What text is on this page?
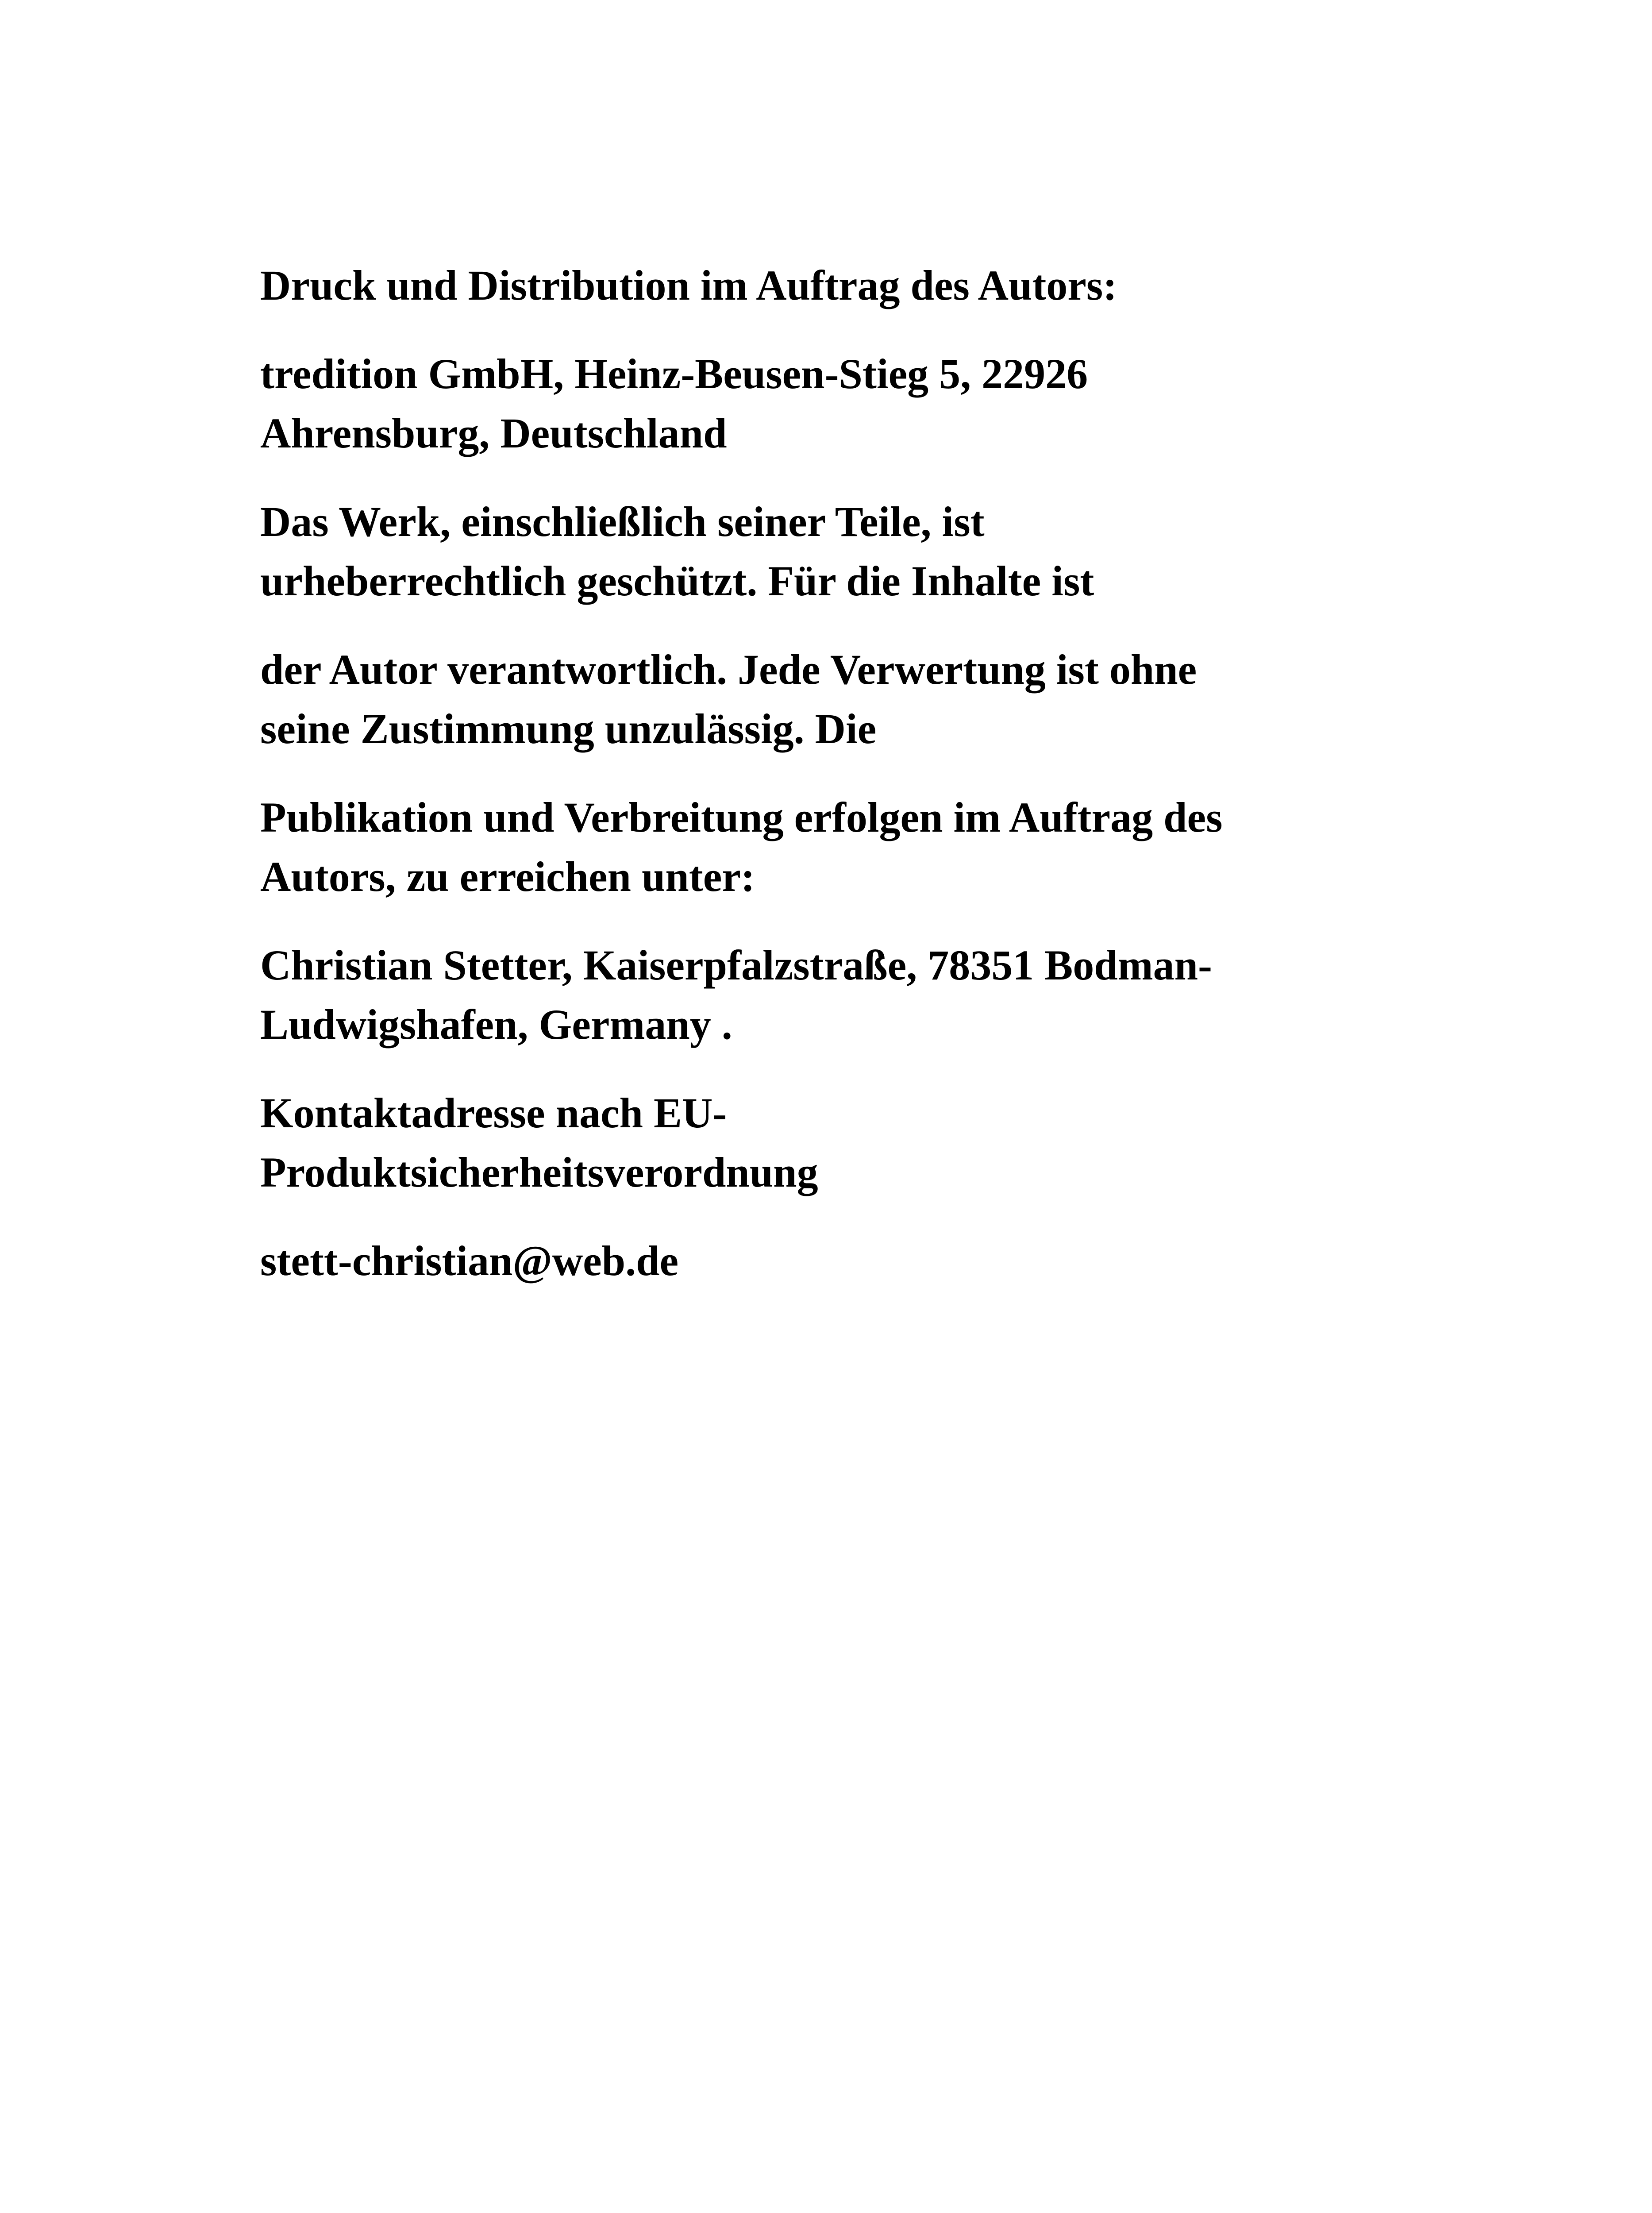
Druck und Distribution im Auftrag des Autors:

tredition GmbH, Heinz-Beusen-Stieg 5, 22926
Ahrensburg, Deutschland

Das Werk, einschließlich seiner Teile, ist
urheberrechtlich geschützt. Für die Inhalte ist

der Autor verantwortlich. Jede Verwertung ist ohne
seine Zustimmung unzulässig. Die

Publikation und Verbreitung erfolgen im Auftrag des
Autors, zu erreichen unter:

Christian Stetter, Kaiserpfalzstraße, 78351 Bodman-
Ludwigshafen, Germany .

Kontaktadresse nach EU-
Produktsicherheitsverordnung

stett-christian@web.de
